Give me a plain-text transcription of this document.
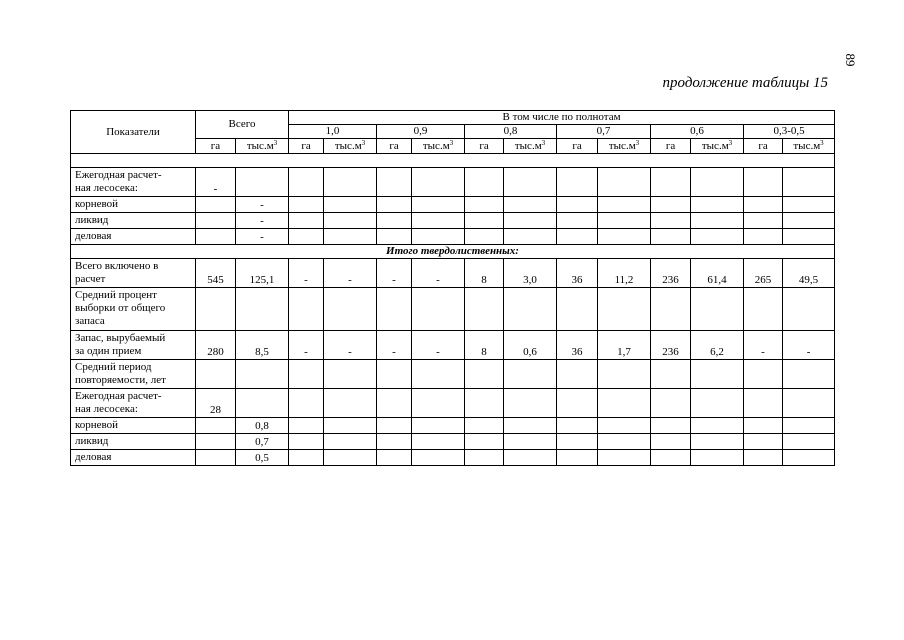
89
продолжение таблицы 15
Показатели	Всего		В том числе по полнотам											
			1,0		0,9		0,8		0,7		0,6		0,3-0,5	
	га	$тыс.м^3$	га	$тыс.м^3$	га	$тыс.м^3$	га	$тыс.м^3$	га	$тыс.м^3$	га	$тыс.м^3$	га	$тыс.м^3$

Ежегодная расчет-
ная лесосека:	-													
корневой		-												
ликвид		-												
деловая		-												
Итого твердолиственных:														
Всего включено в
расчет	545	125,1	-	-	-	-	8	3,0	36	11,2	236	61,4	265	49,5
Средний процент
выборки от общего
запаса														
Запас, вырубаемый
за один прием	280	8,5	-	-	-	-	8	0,6	36	1,7	236	6,2	-	-
Средний период
повторяемости, лет														
Ежегодная расчет-
ная лесосека:	28													
корневой		0,8												
ликвид		0,7												
деловая		0,5												
